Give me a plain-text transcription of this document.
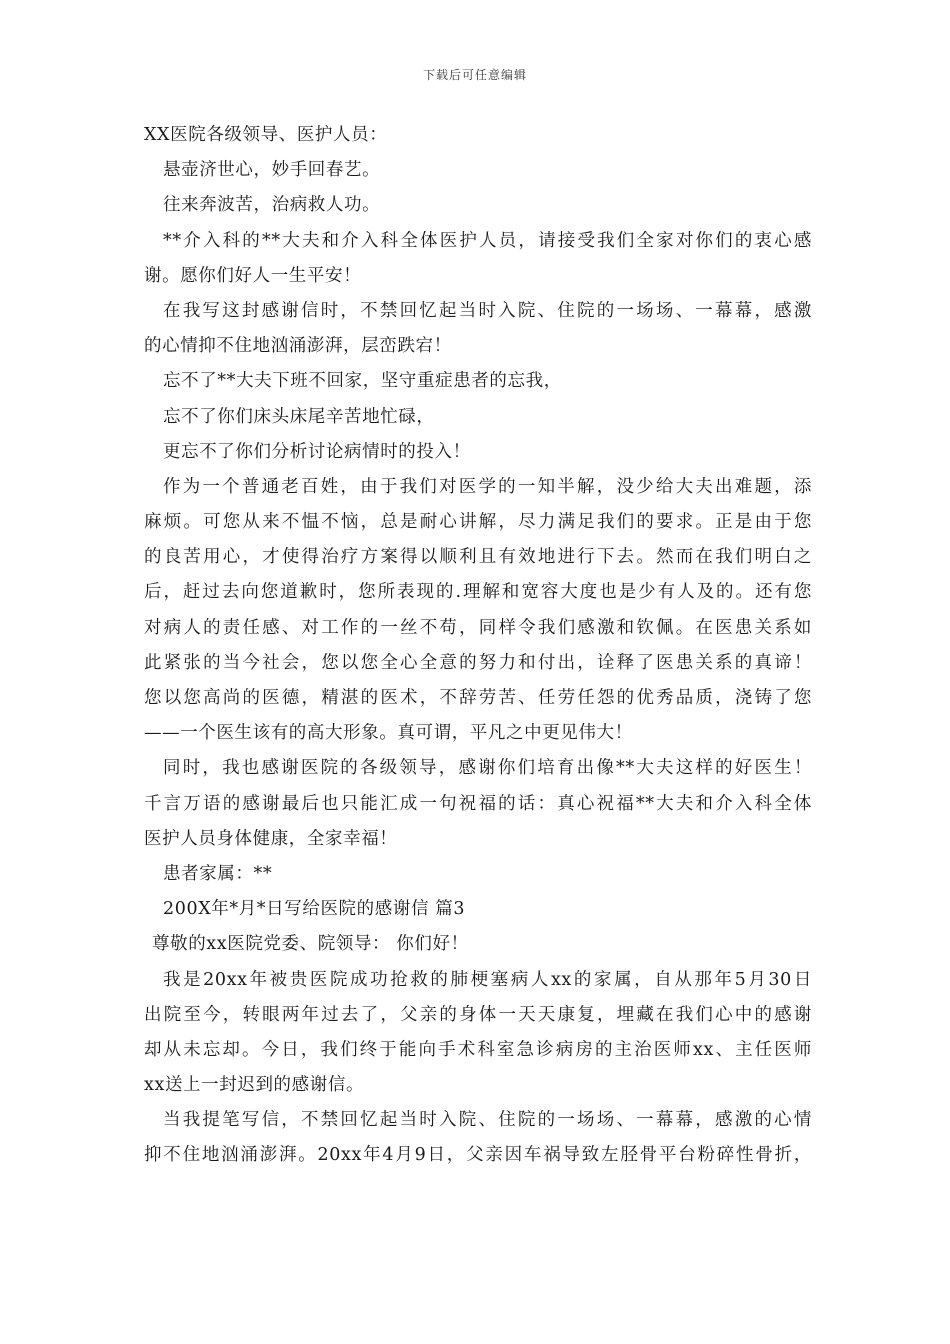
下载后可任意编辑
XX医院各级领导、医护人员：
悬壶济世心，妙手回春艺。
往来奔波苦，治病救人功。
**介入科的**大夫和介入科全体医护人员，请接受我们全家对你们的衷心感
谢。愿你们好人一生平安！
在我写这封感谢信时，不禁回忆起当时入院、住院的一场场、一幕幕，感激
的心情抑不住地汹涌澎湃，层峦跌宕！
忘不了**大夫下班不回家，坚守重症患者的忘我，
忘不了你们床头床尾辛苦地忙碌，
更忘不了你们分析讨论病情时的投入！
作为一个普通老百姓，由于我们对医学的一知半解，没少给大夫出难题，添
麻烦。可您从来不愠不恼，总是耐心讲解，尽力满足我们的要求。正是由于您
的良苦用心，才使得治疗方案得以顺利且有效地进行下去。然而在我们明白之
后，赶过去向您道歉时，您所表现的.理解和宽容大度也是少有人及的。还有您
对病人的责任感、对工作的一丝不苟，同样令我们感激和钦佩。在医患关系如
此紧张的当今社会，您以您全心全意的努力和付出，诠释了医患关系的真谛！
您以您高尚的医德，精湛的医术，不辞劳苦、任劳任怨的优秀品质，浇铸了您
——一个医生该有的高大形象。真可谓，平凡之中更见伟大！
同时，我也感谢医院的各级领导，感谢你们培育出像**大夫这样的好医生！
千言万语的感谢最后也只能汇成一句祝福的话：真心祝福**大夫和介入科全体
医护人员身体健康，全家幸福！
患者家属：**
200X年*月*日写给医院的感谢信 篇3
尊敬的xx医院党委、院领导： 你们好！
我是20xx年被贵医院成功抢救的肺梗塞病人xx的家属，自从那年5月30日
出院至今，转眼两年过去了，父亲的身体一天天康复，埋藏在我们心中的感谢
却从未忘却。今日，我们终于能向手术科室急诊病房的主治医师xx、主任医师
xx送上一封迟到的感谢信。
当我提笔写信，不禁回忆起当时入院、住院的一场场、一幕幕，感激的心情
抑不住地汹涌澎湃。20xx年4月9日，父亲因车祸导致左胫骨平台粉碎性骨折，
